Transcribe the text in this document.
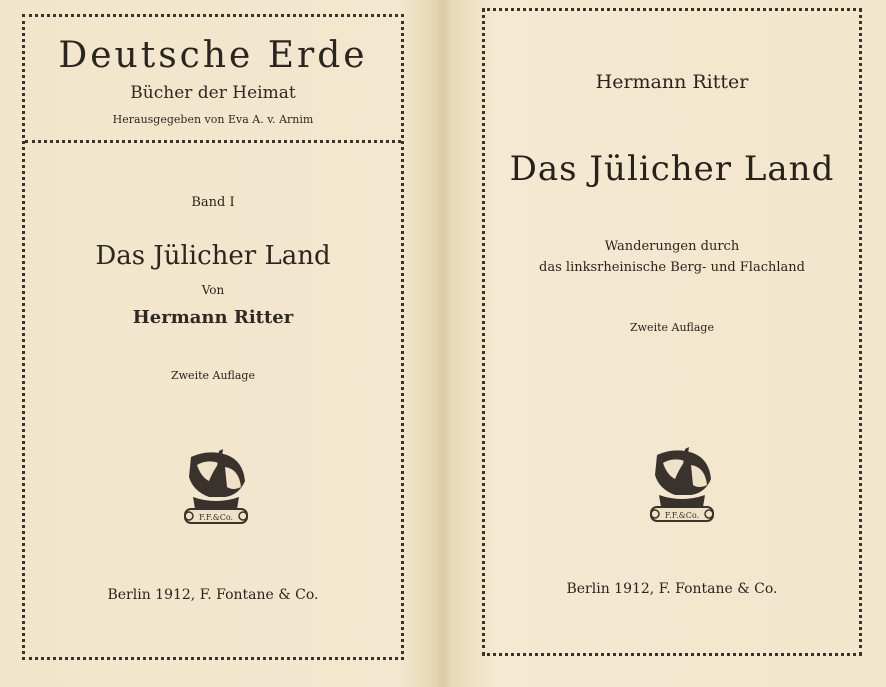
Deutsche Erde
Bücher der Heimat
Herausgegeben von Eva A. v. Arnim
Band I
Das Jülicher Land
Von
Hermann Ritter
Zweite Auflage
F.F.&Co.
Berlin 1912, F. Fontane & Co.
Hermann Ritter
Das Jülicher Land
Wanderungen durch
das linksrheinische Berg- und Flachland
Zweite Auflage
F.F.&Co.
Berlin 1912, F. Fontane & Co.
